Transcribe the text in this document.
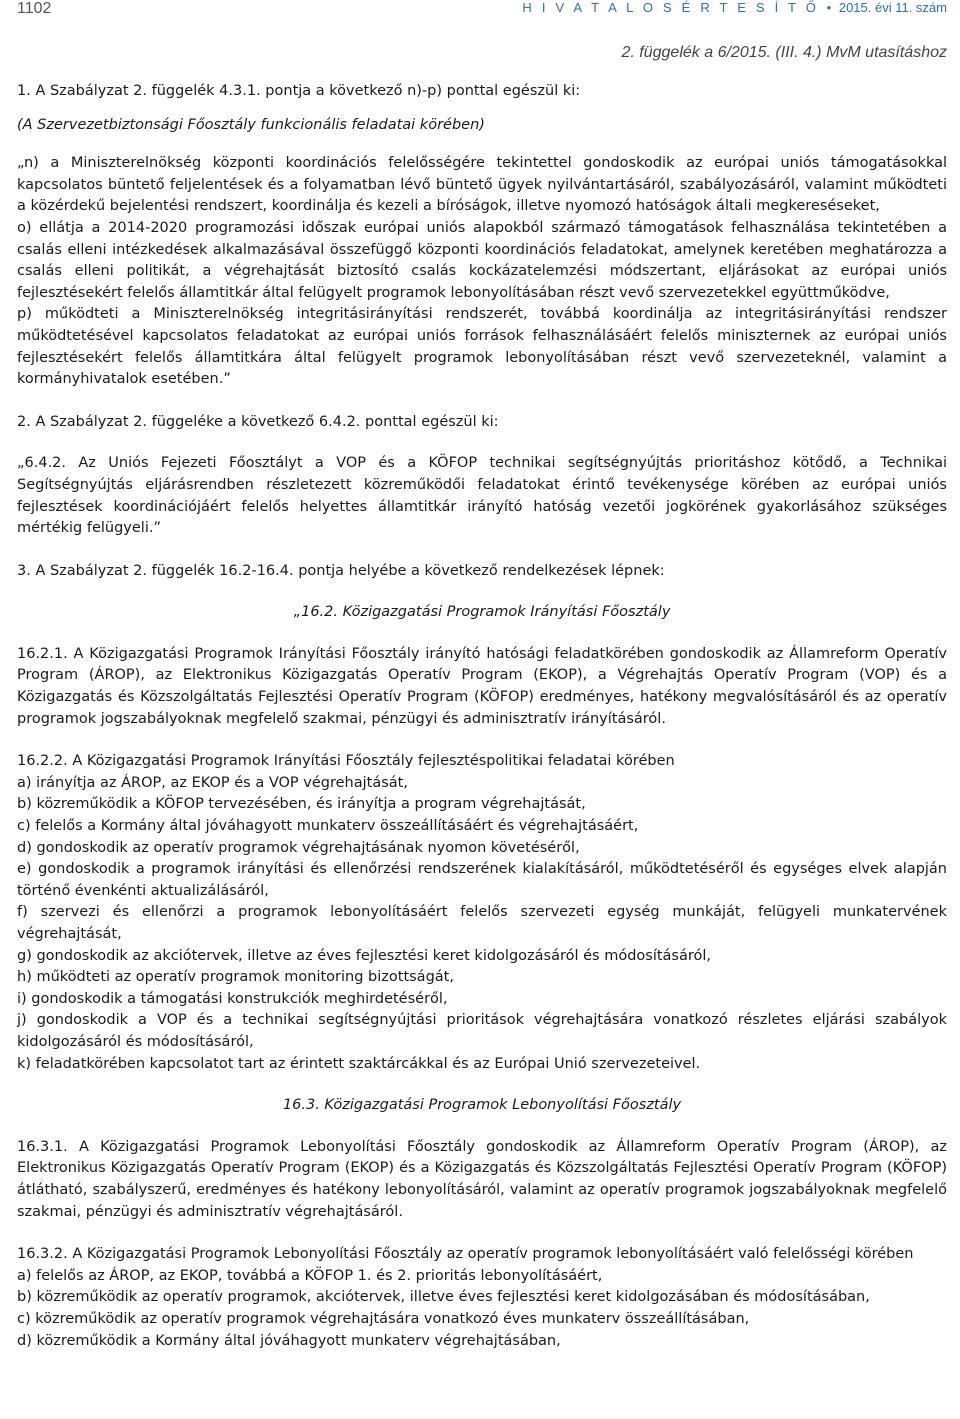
1102	H I V A T A L O S É R T E S Í T Ő • 2015. évi 11. szám
2. függelék a 6/2015. (III. 4.) MvM utasításhoz

1. A Szabályzat 2. függelék 4.3.1. pontja a következő n)-p) ponttal egészül ki:

(A Szervezetbiztonsági Főosztály funkcionális feladatai körében)

„n) a Miniszterelnökség központi koordinációs felelősségére tekintettel gondoskodik az európai uniós támogatásokkal kapcsolatos büntető feljelentések és a folyamatban lévő büntető ügyek nyilvántartásáról, szabályozásáról, valamint működteti a közérdekű bejelentési rendszert, koordinálja és kezeli a bíróságok, illetve nyomozó hatóságok általi megkereséseket,

o) ellátja a 2014-2020 programozási időszak európai uniós alapokból származó támogatások felhasználása tekintetében a csalás elleni intézkedések alkalmazásával összefüggő központi koordinációs feladatokat, amelynek keretében meghatározza a csalás elleni politikát, a végrehajtását biztosító csalás kockázatelemzési módszertant, eljárásokat az európai uniós fejlesztésekért felelős államtitkár által felügyelt programok lebonyolításában részt vevő szervezetekkel együttműködve,

p) működteti a Miniszterelnökség integritásirányítási rendszerét, továbbá koordinálja az integritásirányítási rendszer működtetésével kapcsolatos feladatokat az európai uniós források felhasználásáért felelős miniszternek az európai uniós fejlesztésekért felelős államtitkára által felügyelt programok lebonyolításában részt vevő szervezeteknél, valamint a kormányhivatalok esetében.”

2. A Szabályzat 2. függeléke a következő 6.4.2. ponttal egészül ki:

„6.4.2. Az Uniós Fejezeti Főosztályt a VOP és a KÖFOP technikai segítségnyújtás prioritáshoz kötődő, a Technikai Segítségnyújtás eljárásrendben részletezett közreműködői feladatokat érintő tevékenysége körében az európai uniós fejlesztések koordinációjáért felelős helyettes államtitkár irányító hatóság vezetői jogkörének gyakorlásához szükséges mértékig felügyeli.”

3. A Szabályzat 2. függelék 16.2-16.4. pontja helyébe a következő rendelkezések lépnek:

„16.2. Közigazgatási Programok Irányítási Főosztály

16.2.1. A Közigazgatási Programok Irányítási Főosztály irányító hatósági feladatkörében gondoskodik az Államreform Operatív Program (ÁROP), az Elektronikus Közigazgatás Operatív Program (EKOP), a Végrehajtás Operatív Program (VOP) és a Közigazgatás és Közszolgáltatás Fejlesztési Operatív Program (KÖFOP) eredményes, hatékony megvalósításáról és az operatív programok jogszabályoknak megfelelő szakmai, pénzügyi és adminisztratív irányításáról.

16.2.2. A Közigazgatási Programok Irányítási Főosztály fejlesztéspolitikai feladatai körében

a) irányítja az ÁROP, az EKOP és a VOP végrehajtását,

b) közreműködik a KÖFOP tervezésében, és irányítja a program végrehajtását,

c) felelős a Kormány által jóváhagyott munkaterv összeállításáért és végrehajtásáért,

d) gondoskodik az operatív programok végrehajtásának nyomon követéséről,

e) gondoskodik a programok irányítási és ellenőrzési rendszerének kialakításáról, működtetéséről és egységes elvek alapján történő évenkénti aktualizálásáról,

f) szervezi és ellenőrzi a programok lebonyolításáért felelős szervezeti egység munkáját, felügyeli munkatervének végrehajtását,

g) gondoskodik az akciótervek, illetve az éves fejlesztési keret kidolgozásáról és módosításáról,

h) működteti az operatív programok monitoring bizottságát,

i) gondoskodik a támogatási konstrukciók meghirdetéséről,

j) gondoskodik a VOP és a technikai segítségnyújtási prioritások végrehajtására vonatkozó részletes eljárási szabályok kidolgozásáról és módosításáról,

k) feladatkörében kapcsolatot tart az érintett szaktárcákkal és az Európai Unió szervezeteivel.

16.3. Közigazgatási Programok Lebonyolítási Főosztály

16.3.1. A Közigazgatási Programok Lebonyolítási Főosztály gondoskodik az Államreform Operatív Program (ÁROP), az Elektronikus Közigazgatás Operatív Program (EKOP) és a Közigazgatás és Közszolgáltatás Fejlesztési Operatív Program (KÖFOP) átlátható, szabályszerű, eredményes és hatékony lebonyolításáról, valamint az operatív programok jogszabályoknak megfelelő szakmai, pénzügyi és adminisztratív végrehajtásáról.

16.3.2. A Közigazgatási Programok Lebonyolítási Főosztály az operatív programok lebonyolításáért való felelősségi körében

a) felelős az ÁROP, az EKOP, továbbá a KÖFOP 1. és 2. prioritás lebonyolításáért,

b) közreműködik az operatív programok, akciótervek, illetve éves fejlesztési keret kidolgozásában és módosításában,

c) közreműködik az operatív programok végrehajtására vonatkozó éves munkaterv összeállításában,

d) közreműködik a Kormány által jóváhagyott munkaterv végrehajtásában,
